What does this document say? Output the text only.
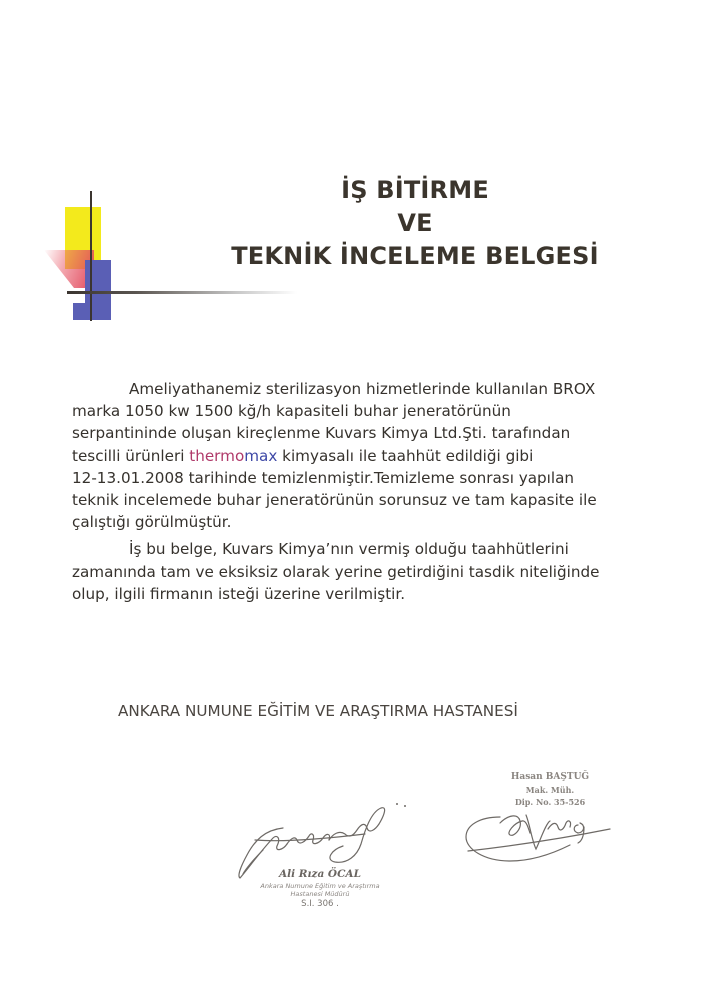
İŞ BİTİRME
VE
TEKNİK İNCELEME BELGESİ

Ameliyathanemiz sterilizasyon hizmetlerinde kullanılan BROX
marka 1050 kw 1500 kğ/h kapasiteli buhar jeneratörünün
serpantininde oluşan kireçlenme Kuvars Kimya Ltd.Şti. tarafından
tescilli ürünleri thermomax kimyasalı ile taahhüt edildiği gibi
12-13.01.2008 tarihinde temizlenmiştir.Temizleme sonrası yapılan
teknik incelemede buhar jeneratörünün sorunsuz ve tam kapasite ile
çalıştığı görülmüştür.

İş bu belge, Kuvars Kimya’nın vermiş olduğu taahhütlerini
zamanında tam ve eksiksiz olarak yerine getirdiğini tasdik niteliğinde
olup, ilgili firmanın isteği üzerine verilmiştir.

ANKARA NUMUNE EĞİTİM VE ARAŞTIRMA HASTANESİ
Ali Rıza ÖCAL
Ankara Numune Eğitim ve Araştırma
Hastanesi Müdürü
S.I. 306 .
Hasan BAŞTUĞ
Mak. Müh.
Dip. No. 35-526
